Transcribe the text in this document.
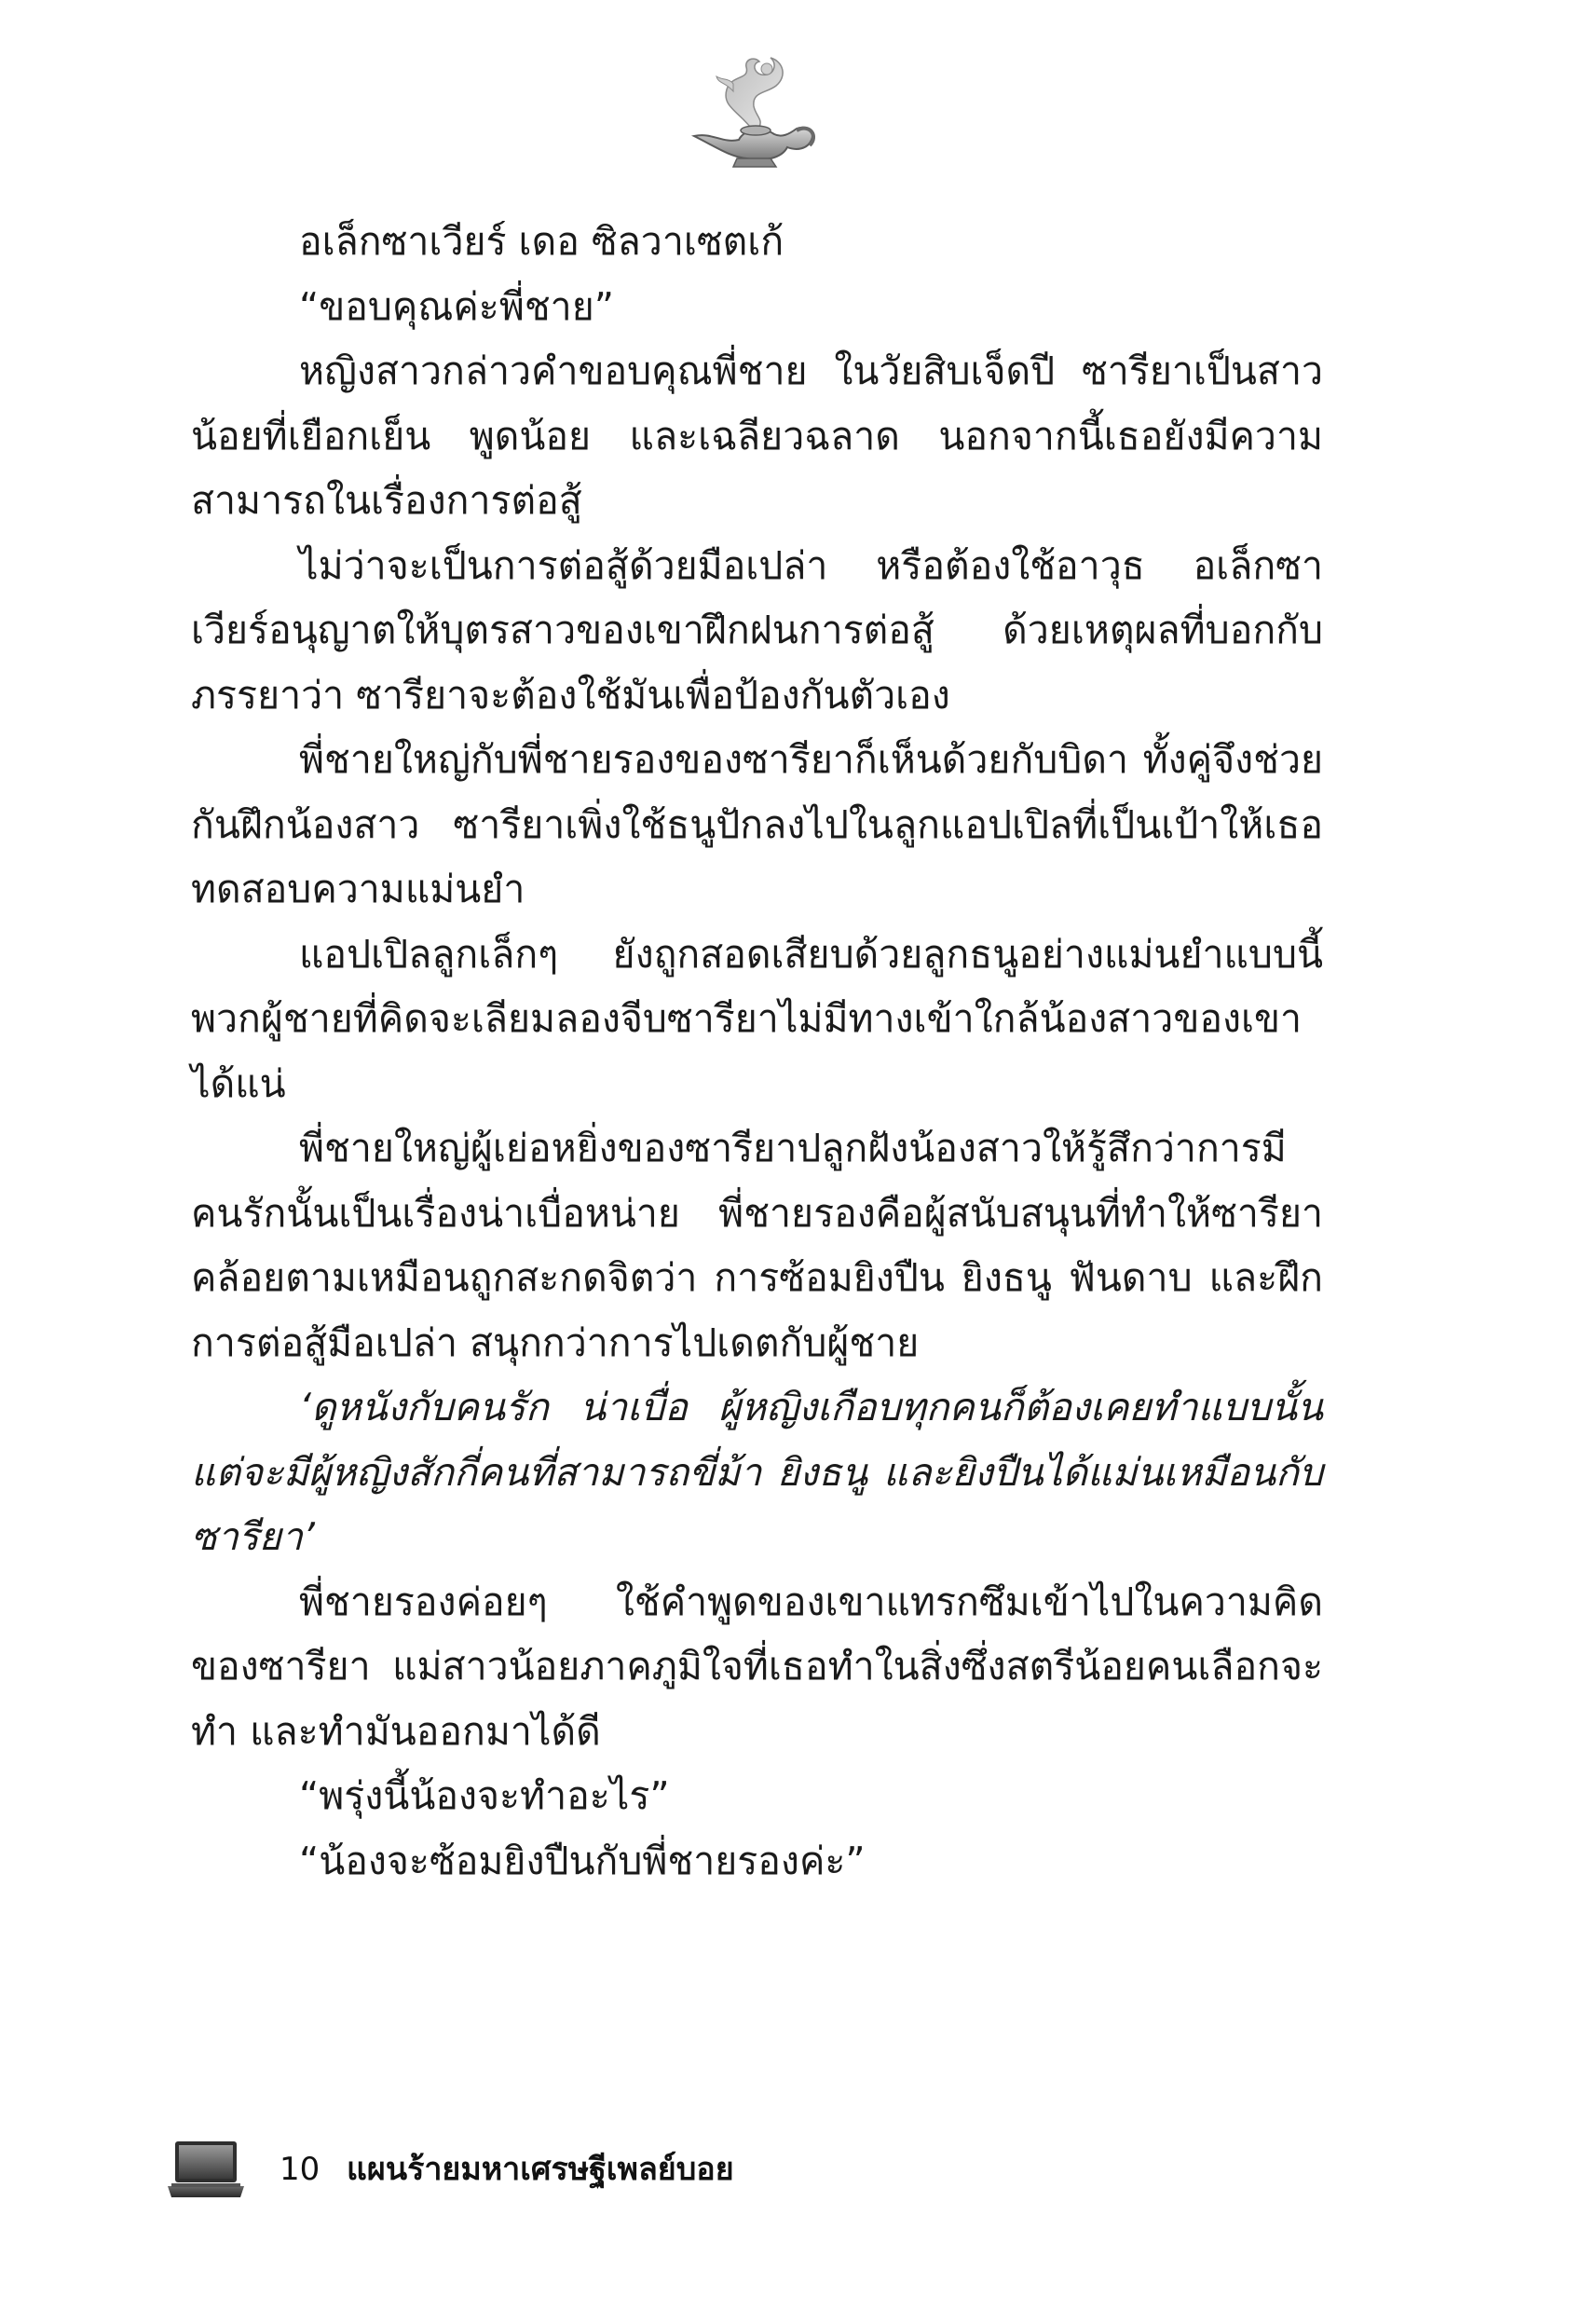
อเล็กซาเวียร์ เดอ ซิลวาเซตเก้

“ขอบคุณค่ะพี่ชาย”

หญิงสาวกล่าวคำขอบคุณพี่ชาย ในวัยสิบเจ็ดปี ซารียาเป็นสาวน้อยที่เยือกเย็น พูดน้อย และเฉลียวฉลาด นอกจากนี้เธอยังมีความสามารถในเรื่องการต่อสู้

ไม่ว่าจะเป็นการต่อสู้ด้วยมือเปล่า หรือต้องใช้อาวุธ อเล็กซาเวียร์อนุญาตให้บุตรสาวของเขาฝึกฝนการต่อสู้ ด้วยเหตุผลที่บอกกับภรรยาว่า ซารียาจะต้องใช้มันเพื่อป้องกันตัวเอง

พี่ชายใหญ่กับพี่ชายรองของซารียาก็เห็นด้วยกับบิดา ทั้งคู่จึงช่วยกันฝึกน้องสาว ซารียาเพิ่งใช้ธนูปักลงไปในลูกแอปเปิลที่เป็นเป้าให้เธอทดสอบความแม่นยำ

แอปเปิลลูกเล็กๆ ยังถูกสอดเสียบด้วยลูกธนูอย่างแม่นยำแบบนี้ พวกผู้ชายที่คิดจะเลียมลองจีบซารียาไม่มีทางเข้าใกล้น้องสาวของเขาได้แน่

พี่ชายใหญ่ผู้เย่อหยิ่งของซารียาปลูกฝังน้องสาวให้รู้สึกว่าการมีคนรักนั้นเป็นเรื่องน่าเบื่อหน่าย พี่ชายรองคือผู้สนับสนุนที่ทำให้ซารียาคล้อยตามเหมือนถูกสะกดจิตว่า การซ้อมยิงปืน ยิงธนู ฟันดาบ และฝึกการต่อสู้มือเปล่า สนุกกว่าการไปเดตกับผู้ชาย

‘ดูหนังกับคนรัก น่าเบื่อ ผู้หญิงเกือบทุกคนก็ต้องเคยทำแบบนั้น แต่จะมีผู้หญิงสักกี่คนที่สามารถขี่ม้า ยิงธนู และยิงปืนได้แม่นเหมือนกับซารียา’

พี่ชายรองค่อยๆ ใช้คำพูดของเขาแทรกซึมเข้าไปในความคิดของซารียา แม่สาวน้อยภาคภูมิใจที่เธอทำในสิ่งซึ่งสตรีน้อยคนเลือกจะทำ และทำมันออกมาได้ดี

“พรุ่งนี้น้องจะทำอะไร”

“น้องจะซ้อมยิงปืนกับพี่ชายรองค่ะ”

10 แผนร้ายมหาเศรษฐีเพลย์บอย
